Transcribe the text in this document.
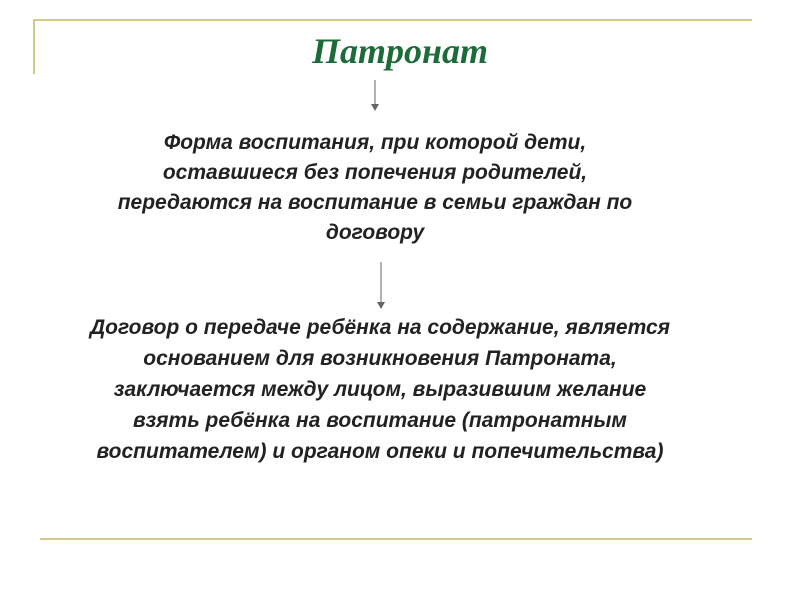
Патронат
Форма воспитания, при которой дети,
оставшиеся без попечения родителей,
передаются на воспитание в семьи граждан по
договору
Договор о передаче ребёнка на содержание, является
основанием для возникновения Патроната,
заключается между лицом, выразившим желание
взять ребёнка на воспитание (патронатным
воспитателем) и органом опеки и попечительства)
